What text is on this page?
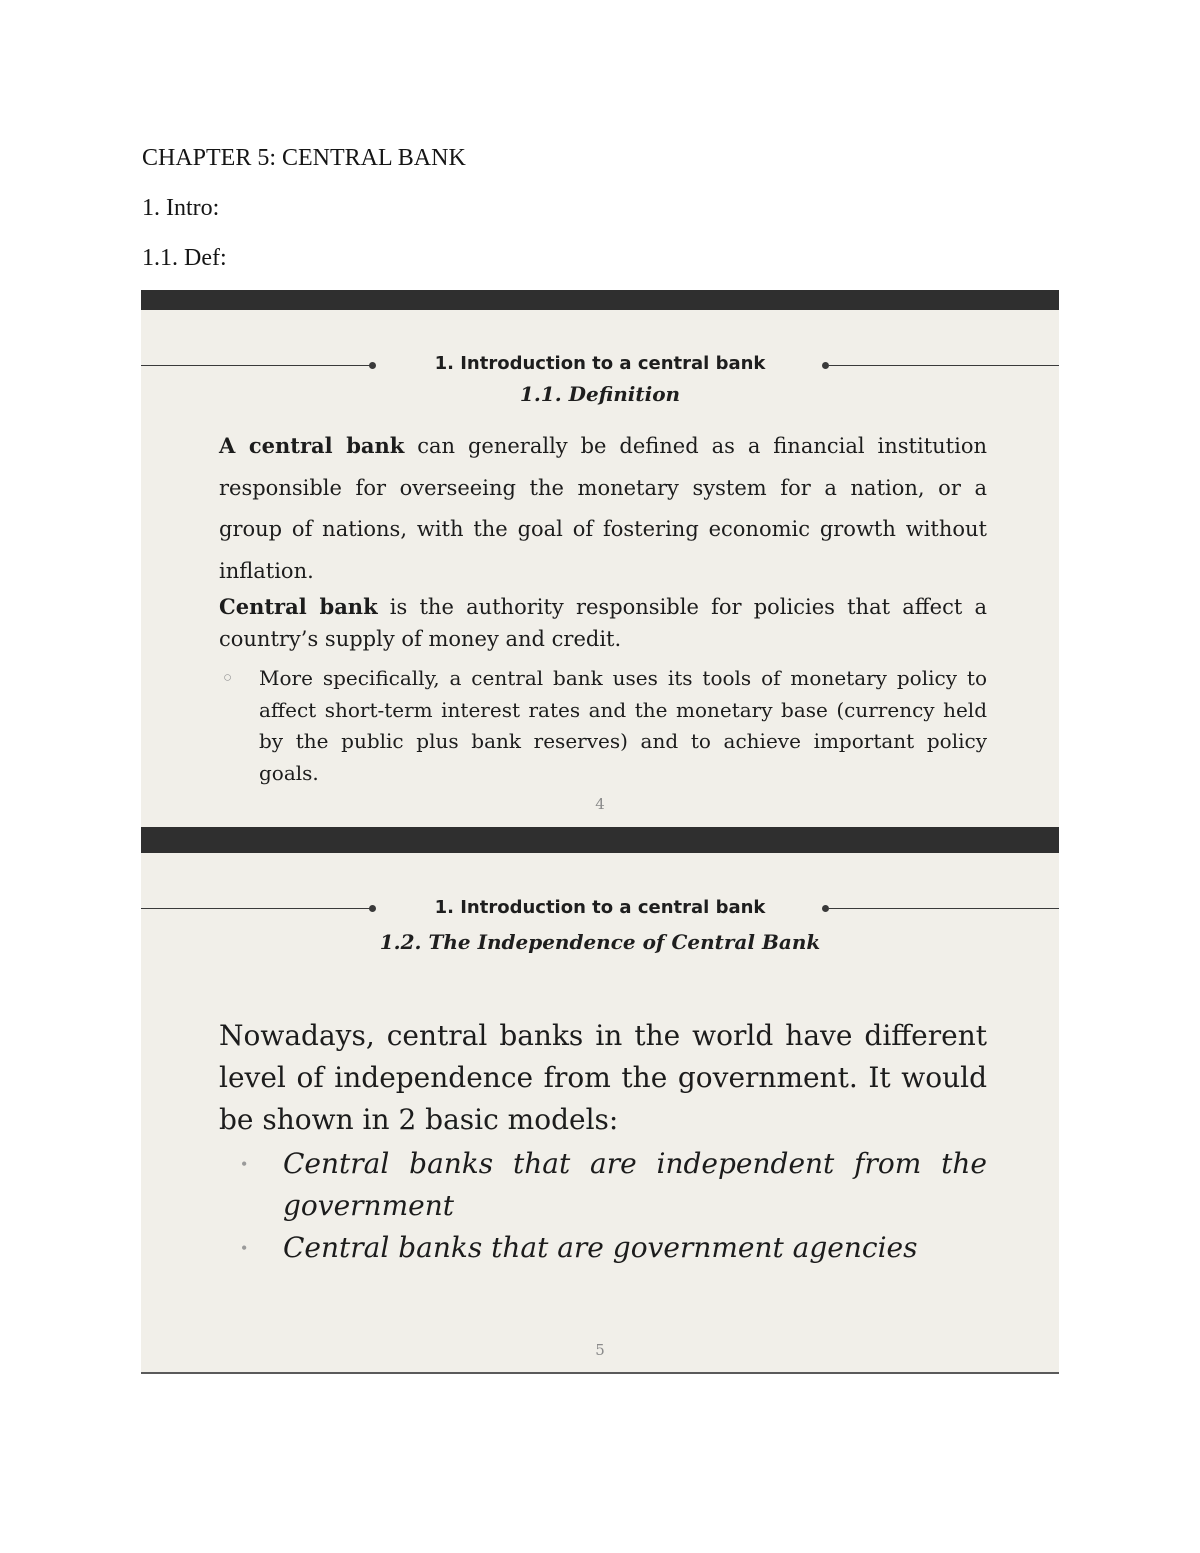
CHAPTER 5: CENTRAL BANK

1. Intro:

1.1. Def:

1. Introduction to a central bank

1.1. Definition

A central bank can generally be defined as a financial institution responsible for overseeing the monetary system for a nation, or a group of nations, with the goal of fostering economic growth without inflation.

Central bank is the authority responsible for policies that affect a country’s supply of money and credit.

○	More specifically, a central bank uses its tools of monetary policy to affect short-term interest rates and the monetary base (currency held by the public plus bank reserves) and to achieve important policy goals.

4

1. Introduction to a central bank

1.2. The Independence of Central Bank

Nowadays, central banks in the world have different level of independence from the government. It would be shown in 2 basic models:

•	Central banks that are independent from the government
•	Central banks that are government agencies

5
